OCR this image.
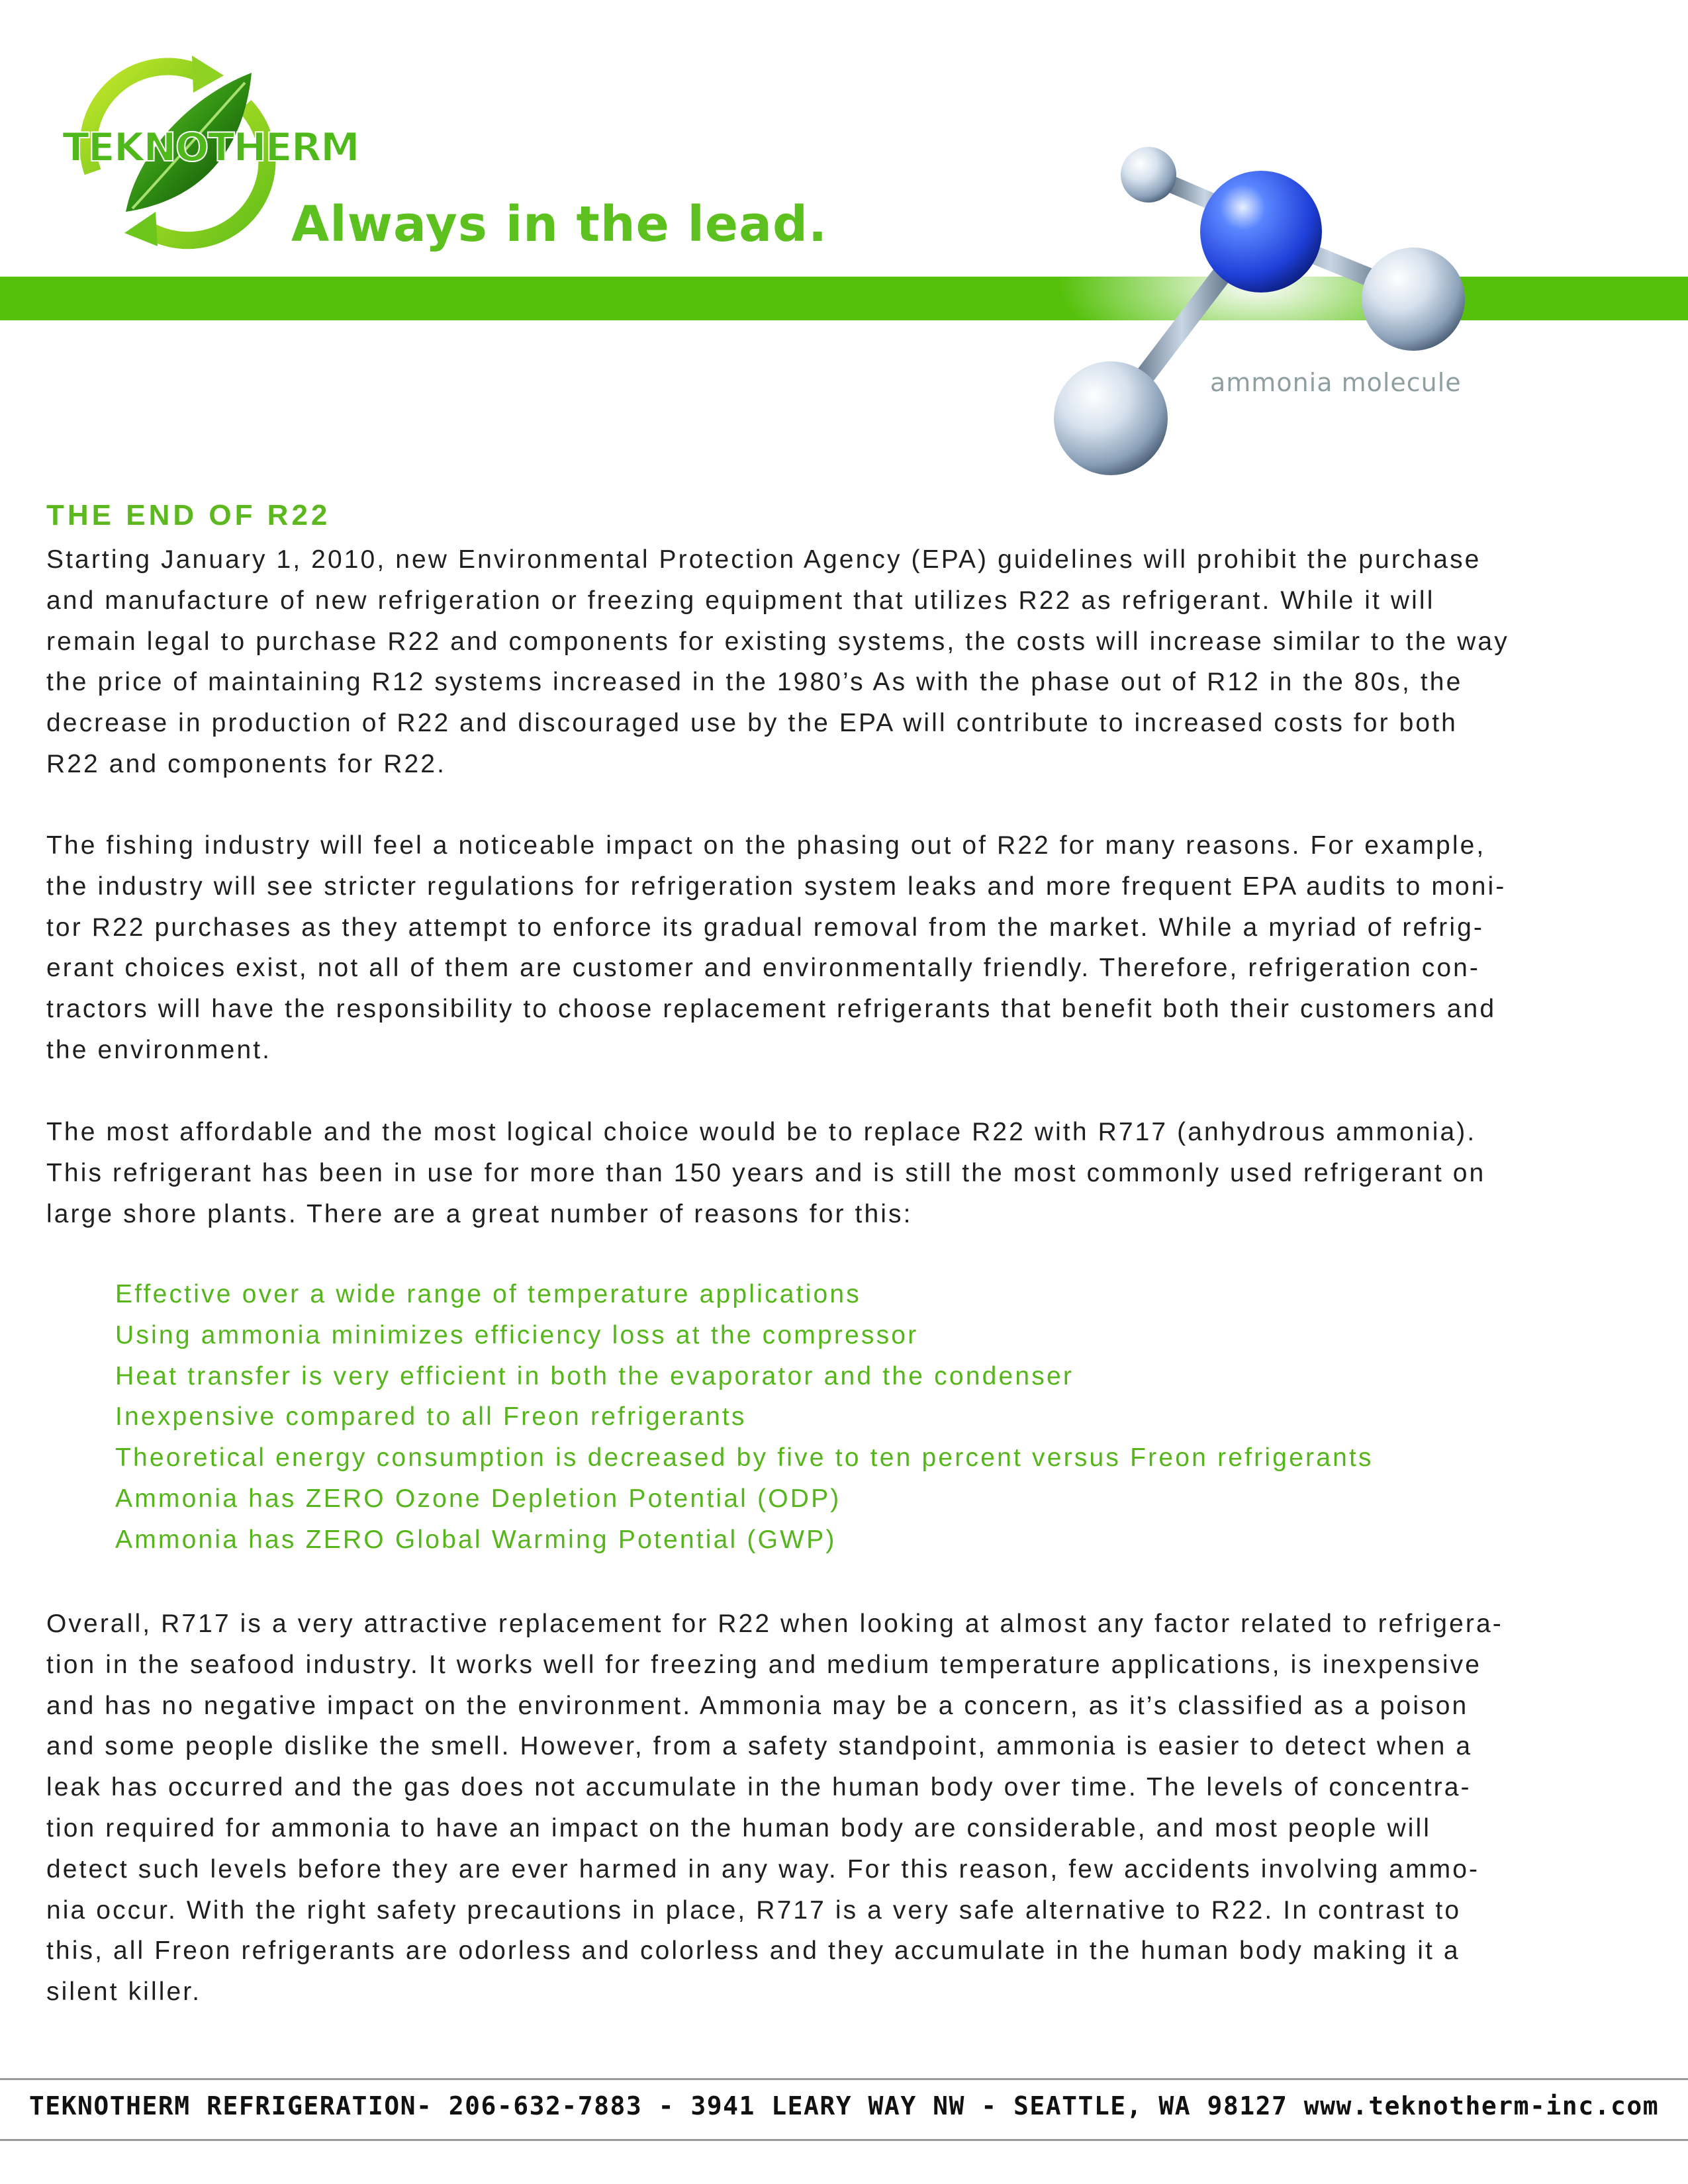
TEKNOTHERM
Always in the lead.
ammonia molecule
THE END OF R22
Starting January 1, 2010, new Environmental Protection Agency (EPA) guidelines will prohibit the purchase
and manufacture of new refrigeration or freezing equipment that utilizes R22 as refrigerant. While it will
remain legal to purchase R22 and components for existing systems, the costs will increase similar to the way
the price of maintaining R12 systems increased in the 1980’s As with the phase out of R12 in the 80s, the
decrease in production of R22 and discouraged use by the EPA will contribute to increased costs for both
R22 and components for R22.
The fishing industry will feel a noticeable impact on the phasing out of R22 for many reasons. For example,
the industry will see stricter regulations for refrigeration system leaks and more frequent EPA audits to moni-
tor R22 purchases as they attempt to enforce its gradual removal from the market. While a myriad of refrig-
erant choices exist, not all of them are customer and environmentally friendly. Therefore, refrigeration con-
tractors will have the responsibility to choose replacement refrigerants that benefit both their customers and
the environment.
The most affordable and the most logical choice would be to replace R22 with R717 (anhydrous ammonia).
This refrigerant has been in use for more than 150 years and is still the most commonly used refrigerant on
large shore plants. There are a great number of reasons for this:
Effective over a wide range of temperature applications
Using ammonia minimizes efficiency loss at the compressor
Heat transfer is very efficient in both the evaporator and the condenser
Inexpensive compared to all Freon refrigerants
Theoretical energy consumption is decreased by five to ten percent versus Freon refrigerants
Ammonia has ZERO Ozone Depletion Potential (ODP)
Ammonia has ZERO Global Warming Potential (GWP)
Overall, R717 is a very attractive replacement for R22 when looking at almost any factor related to refrigera-
tion in the seafood industry. It works well for freezing and medium temperature applications, is inexpensive
and has no negative impact on the environment. Ammonia may be a concern, as it’s classified as a poison
and some people dislike the smell. However, from a safety standpoint, ammonia is easier to detect when a
leak has occurred and the gas does not accumulate in the human body over time. The levels of concentra-
tion required for ammonia to have an impact on the human body are considerable, and most people will
detect such levels before they are ever harmed in any way. For this reason, few accidents involving ammo-
nia occur. With the right safety precautions in place, R717 is a very safe alternative to R22. In contrast to
this, all Freon refrigerants are odorless and colorless and they accumulate in the human body making it a
silent killer.
TEKNOTHERM REFRIGERATION- 206-632-7883 - 3941 LEARY WAY NW - SEATTLE, WA 98127 www.teknotherm-inc.com
